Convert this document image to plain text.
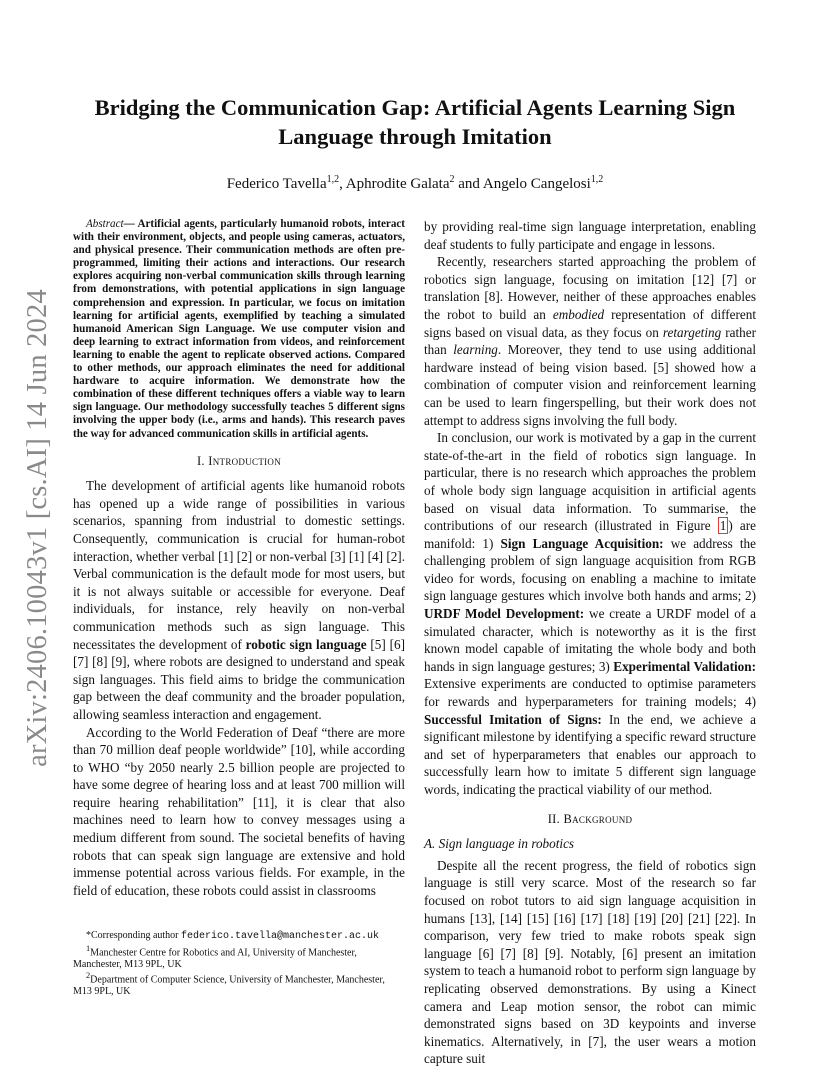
arXiv:2406.10043v1 [cs.AI] 14 Jun 2024
Bridging the Communication Gap: Artificial Agents Learning Sign Language through Imitation
Federico Tavella$^{1,2}$, Aphrodite Galata$^2$ and Angelo Cangelosi$^{1,2}$

Abstract— Artificial agents, particularly humanoid robots, interact with their environment, objects, and people using cameras, actuators, and physical presence. Their communication methods are often pre-programmed, limiting their actions and interactions. Our research explores acquiring non-verbal communication skills through learning from demonstrations, with potential applications in sign language comprehension and expression. In particular, we focus on imitation learning for artificial agents, exemplified by teaching a simulated humanoid American Sign Language. We use computer vision and deep learning to extract information from videos, and reinforcement learning to enable the agent to replicate observed actions. Compared to other methods, our approach eliminates the need for additional hardware to acquire information. We demonstrate how the combination of these different techniques offers a viable way to learn sign language. Our methodology successfully teaches 5 different signs involving the upper body (i.e., arms and hands). This research paves the way for advanced communication skills in artificial agents.

I. Introduction

The development of artificial agents like humanoid robots has opened up a wide range of possibilities in various scenarios, spanning from industrial to domestic settings. Consequently, communication is crucial for human-robot interaction, whether verbal [1] [2] or non-verbal [3] [1] [4] [2]. Verbal communication is the default mode for most users, but it is not always suitable or accessible for everyone. Deaf individuals, for instance, rely heavily on non-verbal communication methods such as sign language. This necessitates the development of robotic sign language [5] [6] [7] [8] [9], where robots are designed to understand and speak sign languages. This field aims to bridge the communication gap between the deaf community and the broader population, allowing seamless interaction and engagement.

According to the World Federation of Deaf “there are more than 70 million deaf people worldwide” [10], while according to WHO “by 2050 nearly 2.5 billion people are projected to have some degree of hearing loss and at least 700 million will require hearing rehabilitation” [11], it is clear that also machines need to learn how to convey messages using a medium different from sound. The societal benefits of having robots that can speak sign language are extensive and hold immense potential across various fields. For example, in the field of education, these robots could assist in classrooms

*Corresponding author federico.tavella@manchester.ac.uk

$^1$Manchester Centre for Robotics and AI, University of Manchester, Manchester, M13 9PL, UK

$^2$Department of Computer Science, University of Manchester, Manchester, M13 9PL, UK

by providing real-time sign language interpretation, enabling deaf students to fully participate and engage in lessons.

Recently, researchers started approaching the problem of robotics sign language, focusing on imitation [12] [7] or translation [8]. However, neither of these approaches enables the robot to build an embodied representation of different signs based on visual data, as they focus on retargeting rather than learning. Moreover, they tend to use using additional hardware instead of being vision based. [5] showed how a combination of computer vision and reinforcement learning can be used to learn fingerspelling, but their work does not attempt to address signs involving the full body.

In conclusion, our work is motivated by a gap in the current state-of-the-art in the field of robotics sign language. In particular, there is no research which approaches the problem of whole body sign language acquisition in artificial agents based on visual data information. To summarise, the contributions of our research (illustrated in Figure 1 ) are manifold: 1) Sign Language Acquisition: we address the challenging problem of sign language acquisition from RGB video for words, focusing on enabling a machine to imitate sign language gestures which involve both hands and arms; 2) URDF Model Development: we create a URDF model of a simulated character, which is noteworthy as it is the first known model capable of imitating the whole body and both hands in sign language gestures; 3) Experimental Validation: Extensive experiments are conducted to optimise parameters for rewards and hyperparameters for training models; 4) Successful Imitation of Signs: In the end, we achieve a significant milestone by identifying a specific reward structure and set of hyperparameters that enables our approach to successfully learn how to imitate 5 different sign language words, indicating the practical viability of our method.

II. Background

A. Sign language in robotics

Despite all the recent progress, the field of robotics sign language is still very scarce. Most of the research so far focused on robot tutors to aid sign language acquisition in humans [13], [14] [15] [16] [17] [18] [19] [20] [21] [22]. In comparison, very few tried to make robots speak sign language [6] [7] [8] [9]. Notably, [6] present an imitation system to teach a humanoid robot to perform sign language by replicating observed demonstrations. By using a Kinect camera and Leap motion sensor, the robot can mimic demonstrated signs based on 3D keypoints and inverse kinematics. Alternatively, in [7], the user wears a motion capture suit
